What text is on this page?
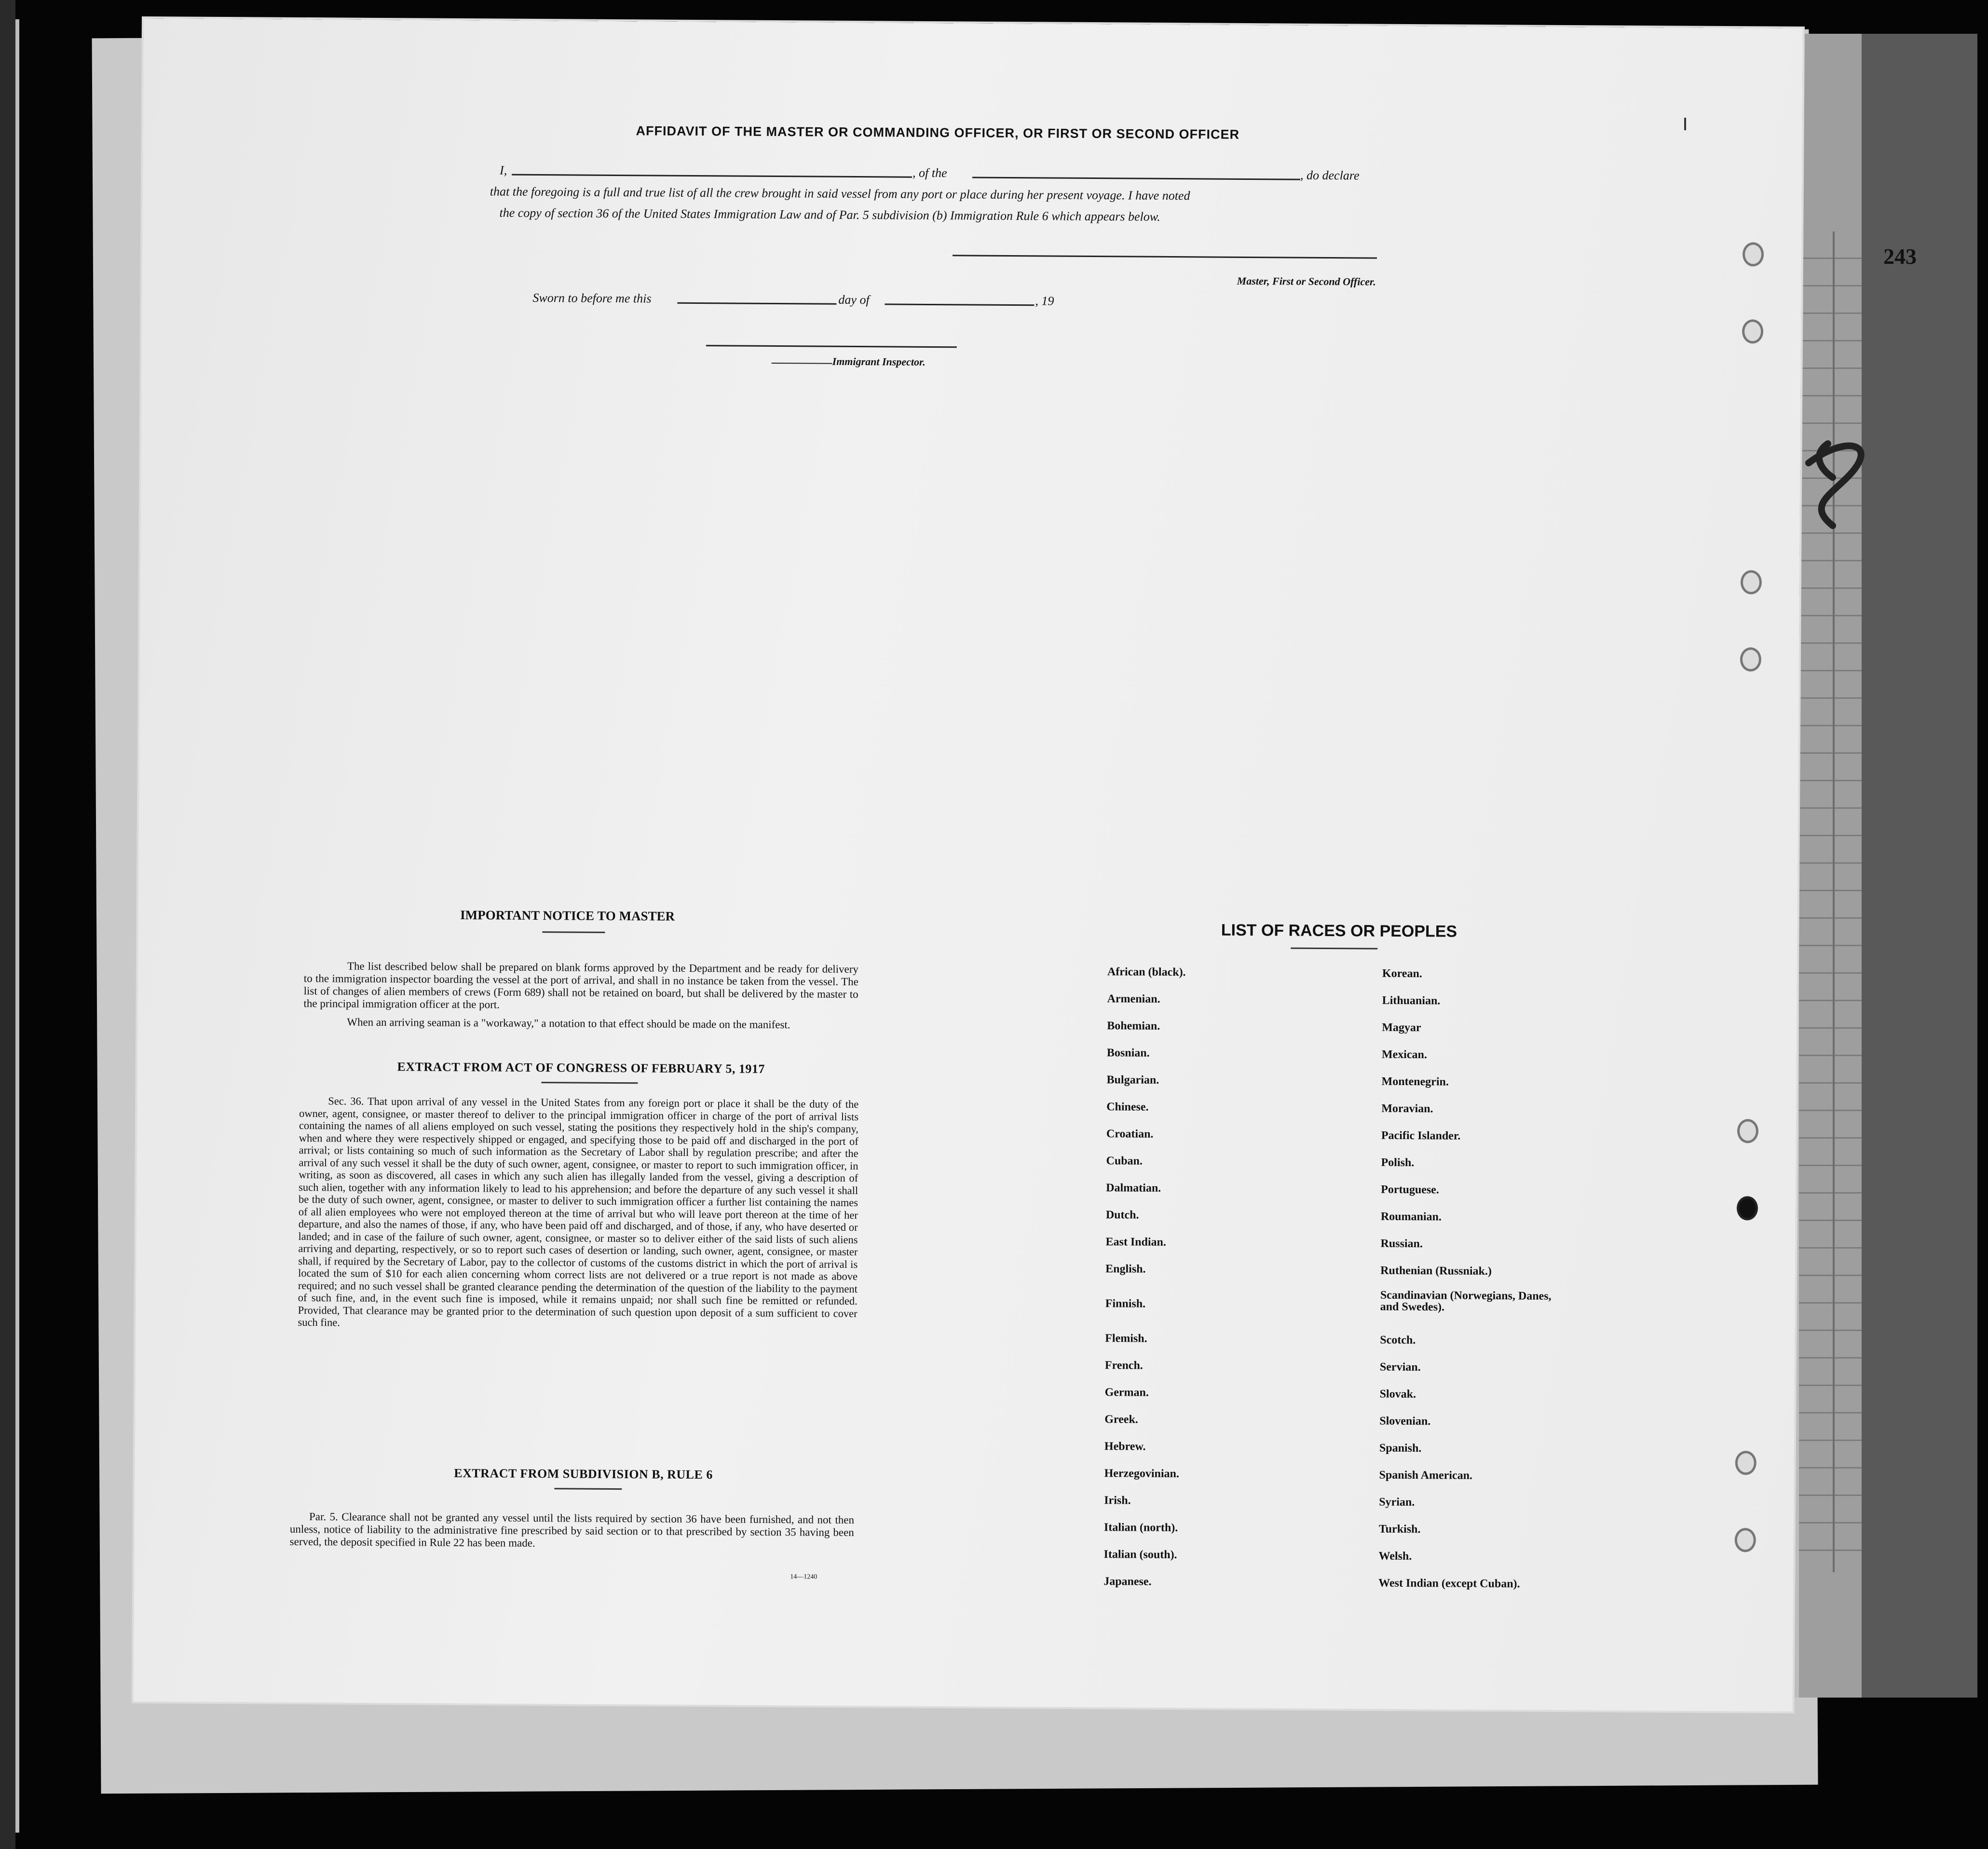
243
AFFIDAVIT OF THE MASTER OR COMMANDING OFFICER, OR FIRST OR SECOND OFFICER
I,	, of the	, do declare
that the foregoing is a full and true list of all the crew brought in said vessel from any port or place during her present voyage. I have noted
the copy of section 36 of the United States Immigration Law and of Par. 5 subdivision (b) Immigration Rule 6 which appears below.
Master, First or Second Officer.
Sworn to before me this	day of	, 19
Immigrant Inspector.
IMPORTANT NOTICE TO MASTER
The list described below shall be prepared on blank forms approved by the Department and be ready for delivery to the immigration inspector boarding the vessel at the port of arrival, and shall in no instance be taken from the vessel. The list of changes of alien members of crews (Form 689) shall not be retained on board, but shall be delivered by the master to the principal immigration officer at the port.
When an arriving seaman is a "workaway," a notation to that effect should be made on the manifest.
EXTRACT FROM ACT OF CONGRESS OF FEBRUARY 5, 1917
Sec. 36. That upon arrival of any vessel in the United States from any foreign port or place it shall be the duty of the owner, agent, consignee, or master thereof to deliver to the principal immigration officer in charge of the port of arrival lists containing the names of all aliens employed on such vessel, stating the positions they respectively hold in the ship's company, when and where they were respectively shipped or engaged, and specifying those to be paid off and discharged in the port of arrival; or lists containing so much of such information as the Secretary of Labor shall by regulation prescribe; and after the arrival of any such vessel it shall be the duty of such owner, agent, consignee, or master to report to such immigration officer, in writing, as soon as discovered, all cases in which any such alien has illegally landed from the vessel, giving a description of such alien, together with any information likely to lead to his apprehension; and before the departure of any such vessel it shall be the duty of such owner, agent, consignee, or master to deliver to such immigration officer a further list containing the names of all alien employees who were not employed thereon at the time of arrival but who will leave port thereon at the time of her departure, and also the names of those, if any, who have been paid off and discharged, and of those, if any, who have deserted or landed; and in case of the failure of such owner, agent, consignee, or master so to deliver either of the said lists of such aliens arriving and departing, respectively, or so to report such cases of desertion or landing, such owner, agent, consignee, or master shall, if required by the Secretary of Labor, pay to the collector of customs of the customs district in which the port of arrival is located the sum of $10 for each alien concerning whom correct lists are not delivered or a true report is not made as above required; and no such vessel shall be granted clearance pending the determination of the question of the liability to the payment of such fine, and, in the event such fine is imposed, while it remains unpaid; nor shall such fine be remitted or refunded. Provided, That clearance may be granted prior to the determination of such question upon deposit of a sum sufficient to cover such fine.
EXTRACT FROM SUBDIVISION B, RULE 6
Par. 5. Clearance shall not be granted any vessel until the lists required by section 36 have been furnished, and not then unless, notice of liability to the administrative fine prescribed by said section or to that prescribed by section 35 having been served, the deposit specified in Rule 22 has been made.
14—1240
LIST OF RACES OR PEOPLES
African (black).
Armenian.
Bohemian.
Bosnian.
Bulgarian.
Chinese.
Croatian.
Cuban.
Dalmatian.
Dutch.
East Indian.
English.
Finnish.
Flemish.
French.
German.
Greek.
Hebrew.
Herzegovinian.
Irish.
Italian (north).
Italian (south).
Japanese.
Korean.
Lithuanian.
Magyar
Mexican.
Montenegrin.
Moravian.
Pacific Islander.
Polish.
Portuguese.
Roumanian.
Russian.
Ruthenian (Russniak.)
Scandinavian (Norwegians, Danes, and Swedes).
Scotch.
Servian.
Slovak.
Slovenian.
Spanish.
Spanish American.
Syrian.
Turkish.
Welsh.
West Indian (except Cuban).
